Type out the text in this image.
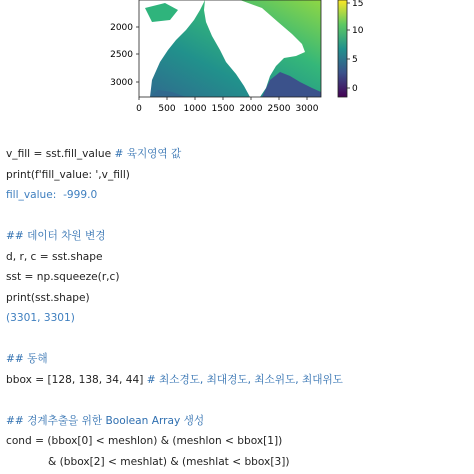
2000
2500
3000
0 500 1000 1500 2000 2500 3000
15
10
5
0
v_fill = sst.fill_value # 육지영역 값
print(f'fill_value: ',v_fill)
fill_value:  -999.0
## 데이터 차원 변경
d, r, c = sst.shape
sst = np.squeeze(r,c)
print(sst.shape)
(3301, 3301)
## 동해
bbox = [128, 138, 34, 44] # 최소경도, 최대경도, 최소위도, 최대위도
## 경계추출을 위한 Boolean Array 생성
cond = (bbox[0] < meshlon) & (meshlon < bbox[1])
& (bbox[2] < meshlat) & (meshlat < bbox[3])
